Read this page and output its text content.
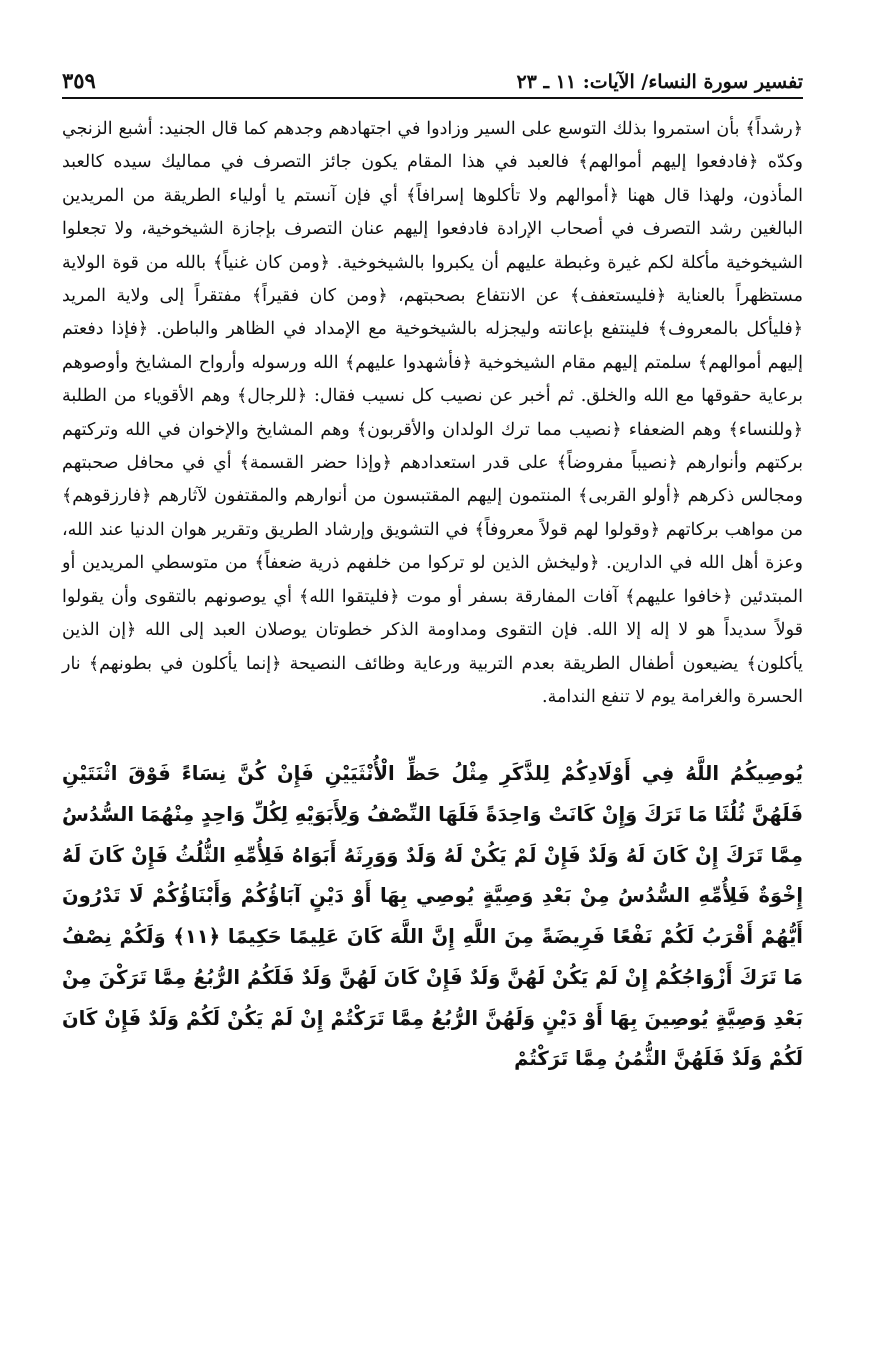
تفسير سورة النساء/ الآيات: ١١ ـ ٢٣
٣٥٩

﴿رشداً﴾ بأن استمروا بذلك التوسع على السير وزادوا في اجتهادهم وجدهم كما قال الجنيد: أشبع الزنجي وكدّه ﴿فادفعوا إليهم أموالهم﴾ فالعبد في هذا المقام يكون جائز التصرف في مماليك سيده كالعبد المأذون، ولهذا قال ههنا ﴿أموالهم ولا تأكلوها إسرافاً﴾ أي فإن آنستم يا أولياء الطريقة من المريدين البالغين رشد التصرف في أصحاب الإرادة فادفعوا إليهم عنان التصرف بإجازة الشيخوخية، ولا تجعلوا الشيخوخية مأكلة لكم غيرة وغبطة عليهم أن يكبروا بالشيخوخية. ﴿ومن كان غنياً﴾ بالله من قوة الولاية مستظهراً بالعناية ﴿فليستعفف﴾ عن الانتفاع بصحبتهم، ﴿ومن كان فقيراً﴾ مفتقراً إلى ولاية المريد ﴿فليأكل بالمعروف﴾ فلينتفع بإعانته وليجزله بالشيخوخية مع الإمداد في الظاهر والباطن. ﴿فإذا دفعتم إليهم أموالهم﴾ سلمتم إليهم مقام الشيخوخية ﴿فأشهدوا عليهم﴾ الله ورسوله وأرواح المشايخ وأوصوهم برعاية حقوقها مع الله والخلق. ثم أخبر عن نصيب كل نسيب فقال: ﴿للرجال﴾ وهم الأقوياء من الطلبة ﴿وللنساء﴾ وهم الضعفاء ﴿نصيب مما ترك الولدان والأقربون﴾ وهم المشايخ والإخوان في الله وتركتهم بركتهم وأنوارهم ﴿نصيباً مفروضاً﴾ على قدر استعدادهم ﴿وإذا حضر القسمة﴾ أي في محافل صحبتهم ومجالس ذكرهم ﴿أولو القربى﴾ المنتمون إليهم المقتبسون من أنوارهم والمقتفون لآثارهم ﴿فارزقوهم﴾ من مواهب بركاتهم ﴿وقولوا لهم قولاً معروفاً﴾ في التشويق وإرشاد الطريق وتقرير هوان الدنيا عند الله، وعزة أهل الله في الدارين. ﴿وليخش الذين لو تركوا من خلفهم ذرية ضعفاً﴾ من متوسطي المريدين أو المبتدئين ﴿خافوا عليهم﴾ آفات المفارقة بسفر أو موت ﴿فليتقوا الله﴾ أي يوصونهم بالتقوى وأن يقولوا قولاً سديداً هو لا إله إلا الله. فإن التقوى ومداومة الذكر خطوتان يوصلان العبد إلى الله ﴿إن الذين يأكلون﴾ يضيعون أطفال الطريقة بعدم التربية ورعاية وظائف النصيحة ﴿إنما يأكلون في بطونهم﴾ نار الحسرة والغرامة يوم لا تنفع الندامة.

يُوصِيكُمُ اللَّهُ فِي أَوْلَادِكُمْ لِلذَّكَرِ مِثْلُ حَظِّ الْأُنْثَيَيْنِ فَإِنْ كُنَّ نِسَاءً فَوْقَ اثْنَتَيْنِ فَلَهُنَّ ثُلُثَا مَا تَرَكَ وَإِنْ كَانَتْ وَاحِدَةً فَلَهَا النِّصْفُ وَلِأَبَوَيْهِ لِكُلِّ وَاحِدٍ مِنْهُمَا السُّدُسُ مِمَّا تَرَكَ إِنْ كَانَ لَهُ وَلَدٌ فَإِنْ لَمْ يَكُنْ لَهُ وَلَدٌ وَوَرِثَهُ أَبَوَاهُ فَلِأُمِّهِ الثُّلُثُ فَإِنْ كَانَ لَهُ إِخْوَةٌ فَلِأُمِّهِ السُّدُسُ مِنْ بَعْدِ وَصِيَّةٍ يُوصِي بِهَا أَوْ دَيْنٍ آبَاؤُكُمْ وَأَبْنَاؤُكُمْ لَا تَدْرُونَ أَيُّهُمْ أَقْرَبُ لَكُمْ نَفْعًا فَرِيضَةً مِنَ اللَّهِ إِنَّ اللَّهَ كَانَ عَلِيمًا حَكِيمًا ﴿١١﴾ وَلَكُمْ نِصْفُ مَا تَرَكَ أَزْوَاجُكُمْ إِنْ لَمْ يَكُنْ لَهُنَّ وَلَدٌ فَإِنْ كَانَ لَهُنَّ وَلَدٌ فَلَكُمُ الرُّبُعُ مِمَّا تَرَكْنَ مِنْ بَعْدِ وَصِيَّةٍ يُوصِينَ بِهَا أَوْ دَيْنٍ وَلَهُنَّ الرُّبُعُ مِمَّا تَرَكْتُمْ إِنْ لَمْ يَكُنْ لَكُمْ وَلَدٌ فَإِنْ كَانَ لَكُمْ وَلَدٌ فَلَهُنَّ الثُّمُنُ مِمَّا تَرَكْتُمْ
